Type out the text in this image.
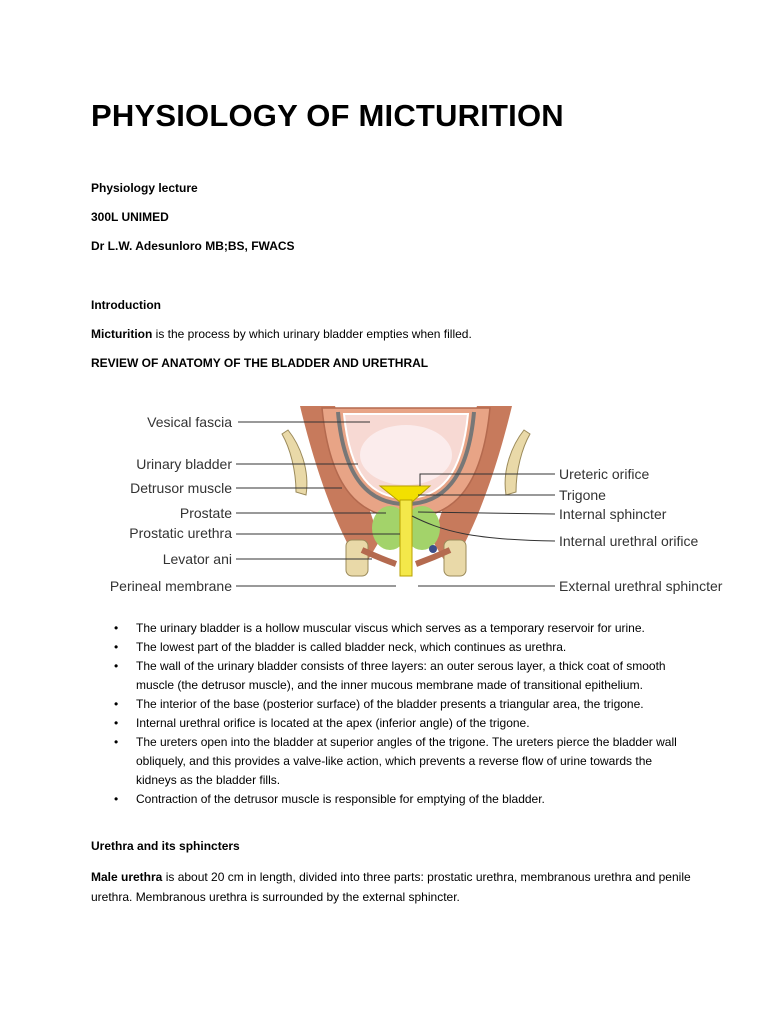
PHYSIOLOGY OF MICTURITION
Physiology lecture
300L UNIMED
Dr L.W. Adesunloro MB;BS, FWACS
Introduction
Micturition is the process by which urinary bladder empties when filled.
REVIEW OF ANATOMY OF THE BLADDER AND URETHRAL
Vesical fascia
Urinary bladder
Detrusor muscle
Prostate
Prostatic urethra
Levator ani
Perineal membrane
Ureteric orifice
Trigone
Internal sphincter
Internal urethral orifice
External urethral sphincter
• The urinary bladder is a hollow muscular viscus which serves as a temporary reservoir for urine.
• The lowest part of the bladder is called bladder neck, which continues as urethra.
• The wall of the urinary bladder consists of three layers: an outer serous layer, a thick coat of smooth muscle (the detrusor muscle), and the inner mucous membrane made of transitional epithelium.
• The interior of the base (posterior surface) of the bladder presents a triangular area, the trigone.
• Internal urethral orifice is located at the apex (inferior angle) of the trigone.
• The ureters open into the bladder at superior angles of the trigone. The ureters pierce the bladder wall obliquely, and this provides a valve-like action, which prevents a reverse flow of urine towards the kidneys as the bladder fills.
• Contraction of the detrusor muscle is responsible for emptying of the bladder.
Urethra and its sphincters
Male urethra is about 20 cm in length, divided into three parts: prostatic urethra, membranous urethra and penile urethra. Membranous urethra is surrounded by the external sphincter.
